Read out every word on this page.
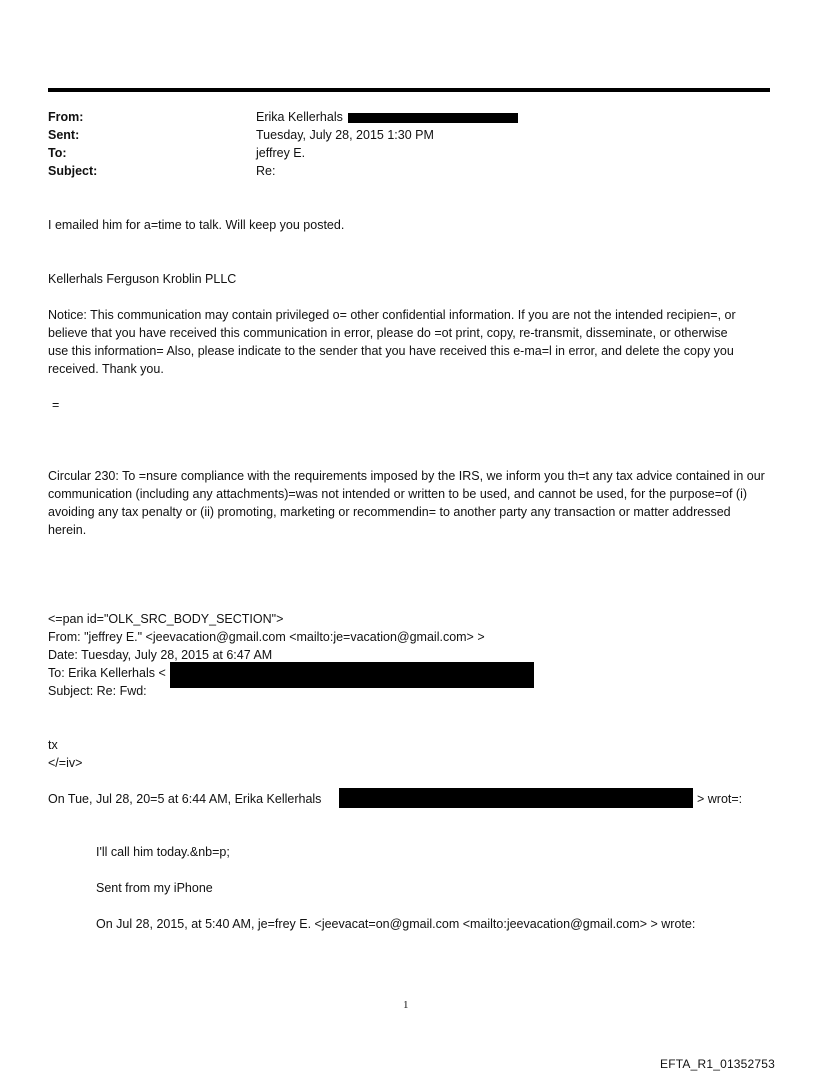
From:	Erika Kellerhals
Sent:	Tuesday, July 28, 2015 1:30 PM
To:	jeffrey E.
Subject:	Re:
I emailed him for a=time to talk. Will keep you posted.
Kellerhals Ferguson Kroblin PLLC
Notice: This communication may contain privileged o= other confidential information. If you are not the intended recipien=, or believe that you have received this communication in error, please do =ot print, copy, re-transmit, disseminate, or otherwise use this information= Also, please indicate to the sender that you have received this e-ma=l in error, and delete the copy you received. Thank you.
=
Circular 230: To =nsure compliance with the requirements imposed by the IRS, we inform you th=t any tax advice contained in our communication (including any attachments)=was not intended or written to be used, and cannot be used, for the purpose=of (i) avoiding any tax penalty or (ii) promoting, marketing or recommendin= to another party any transaction or matter addressed herein.
<=pan id="OLK_SRC_BODY_SECTION">
From: "jeffrey E." <jeevacation@gmail.com <mailto:je=vacation@gmail.com> >
Date: Tuesday, July 28, 2015 at 6:47 AM
To: Erika Kellerhals <
Subject: Re: Fwd:
tx
</=iv>
On Tue, Jul 28, 20=5 at 6:44 AM, Erika Kellerhals	> wrot=:
I'll call him today.&nb=p;
Sent from my iPhone
On Jul 28, 2015, at 5:40 AM, je=frey E. <jeevacat=on@gmail.com <mailto:jeevacation@gmail.com> > wrote:
1
EFTA_R1_01352753
